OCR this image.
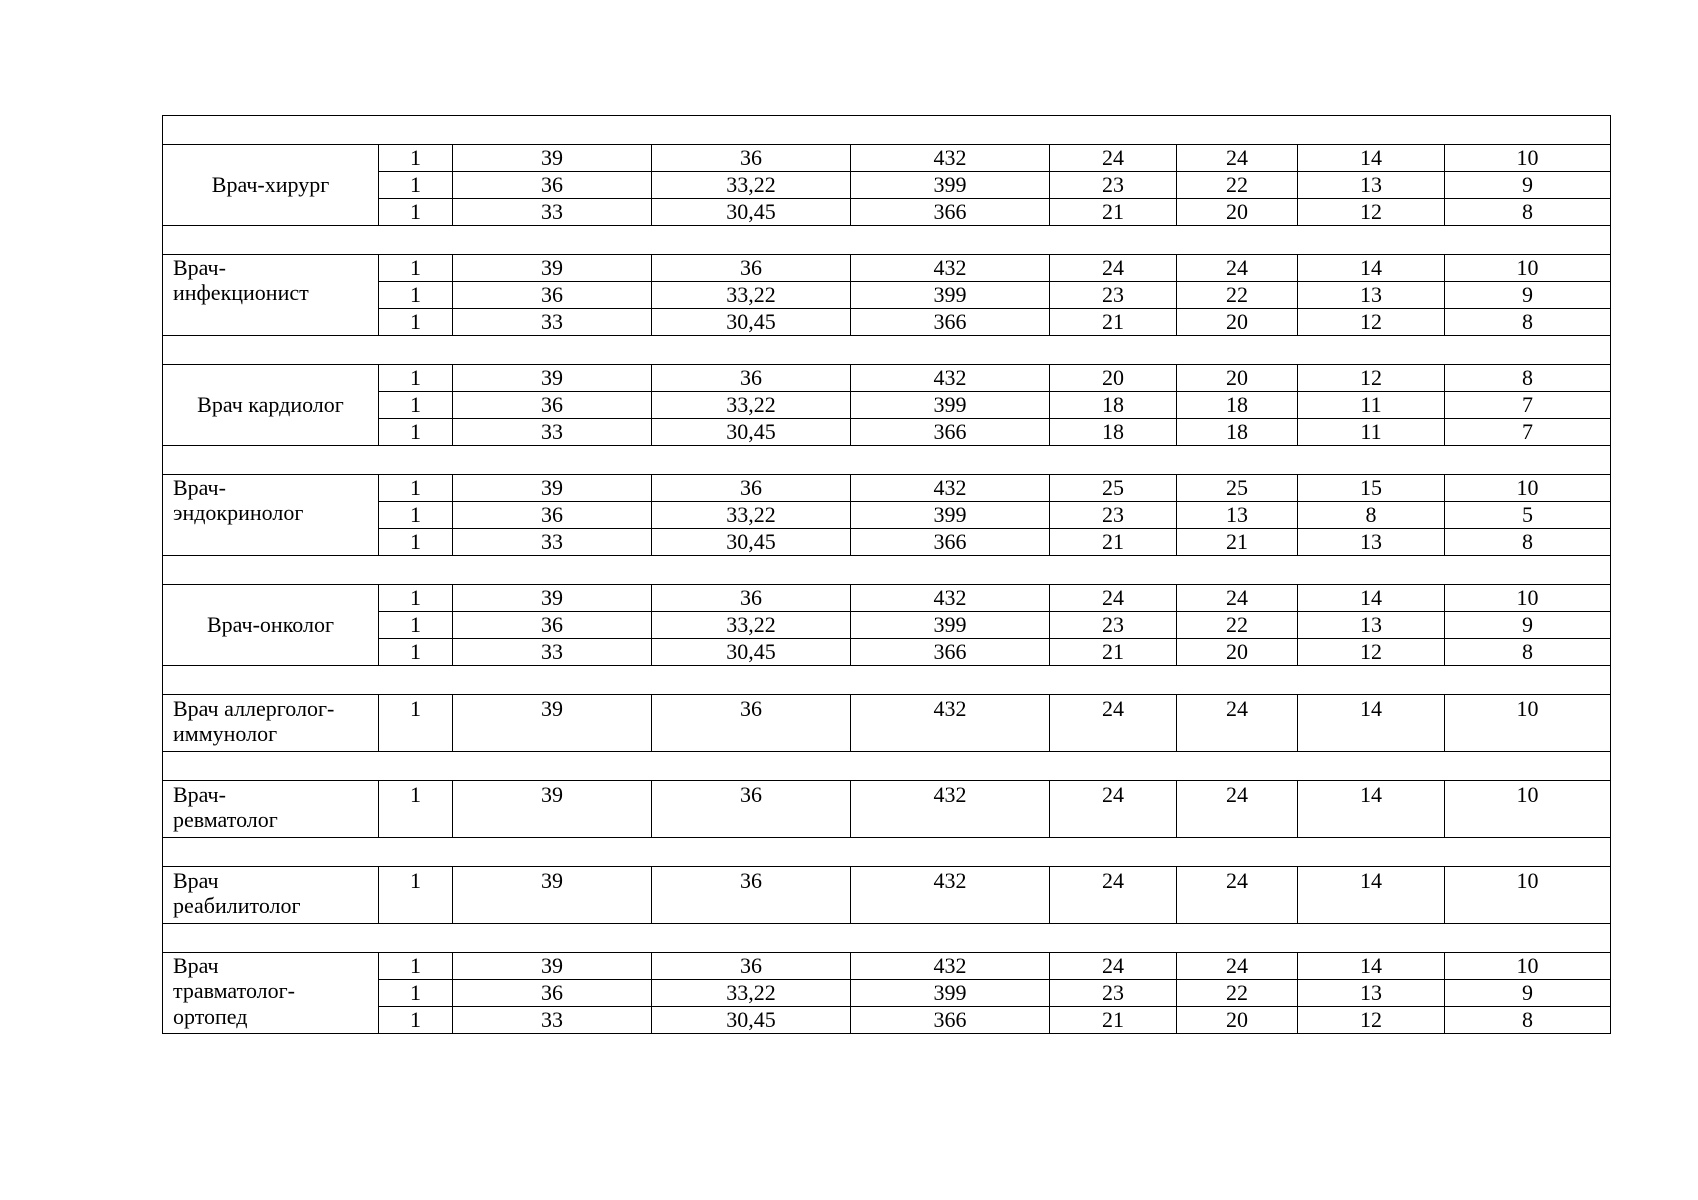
Врач-хирург	1	39	36	432	24	24	14	10
	1	36	33,22	399	23	22	13	9
	1	33	30,45	366	21	20	12	8

Врач-
инфекционист	1	39	36	432	24	24	14	10
	1	36	33,22	399	23	22	13	9
	1	33	30,45	366	21	20	12	8

Врач кардиолог	1	39	36	432	20	20	12	8
	1	36	33,22	399	18	18	11	7
	1	33	30,45	366	18	18	11	7

Врач-
эндокринолог	1	39	36	432	25	25	15	10
	1	36	33,22	399	23	13	8	5
	1	33	30,45	366	21	21	13	8

Врач-онколог	1	39	36	432	24	24	14	10
	1	36	33,22	399	23	22	13	9
	1	33	30,45	366	21	20	12	8

Врач аллерголог-
иммунолог	1	39	36	432	24	24	14	10

Врач-
ревматолог	1	39	36	432	24	24	14	10

Врач
реабилитолог	1	39	36	432	24	24	14	10

Врач
травматолог-
ортопед	1	39	36	432	24	24	14	10
	1	36	33,22	399	23	22	13	9
	1	33	30,45	366	21	20	12	8
